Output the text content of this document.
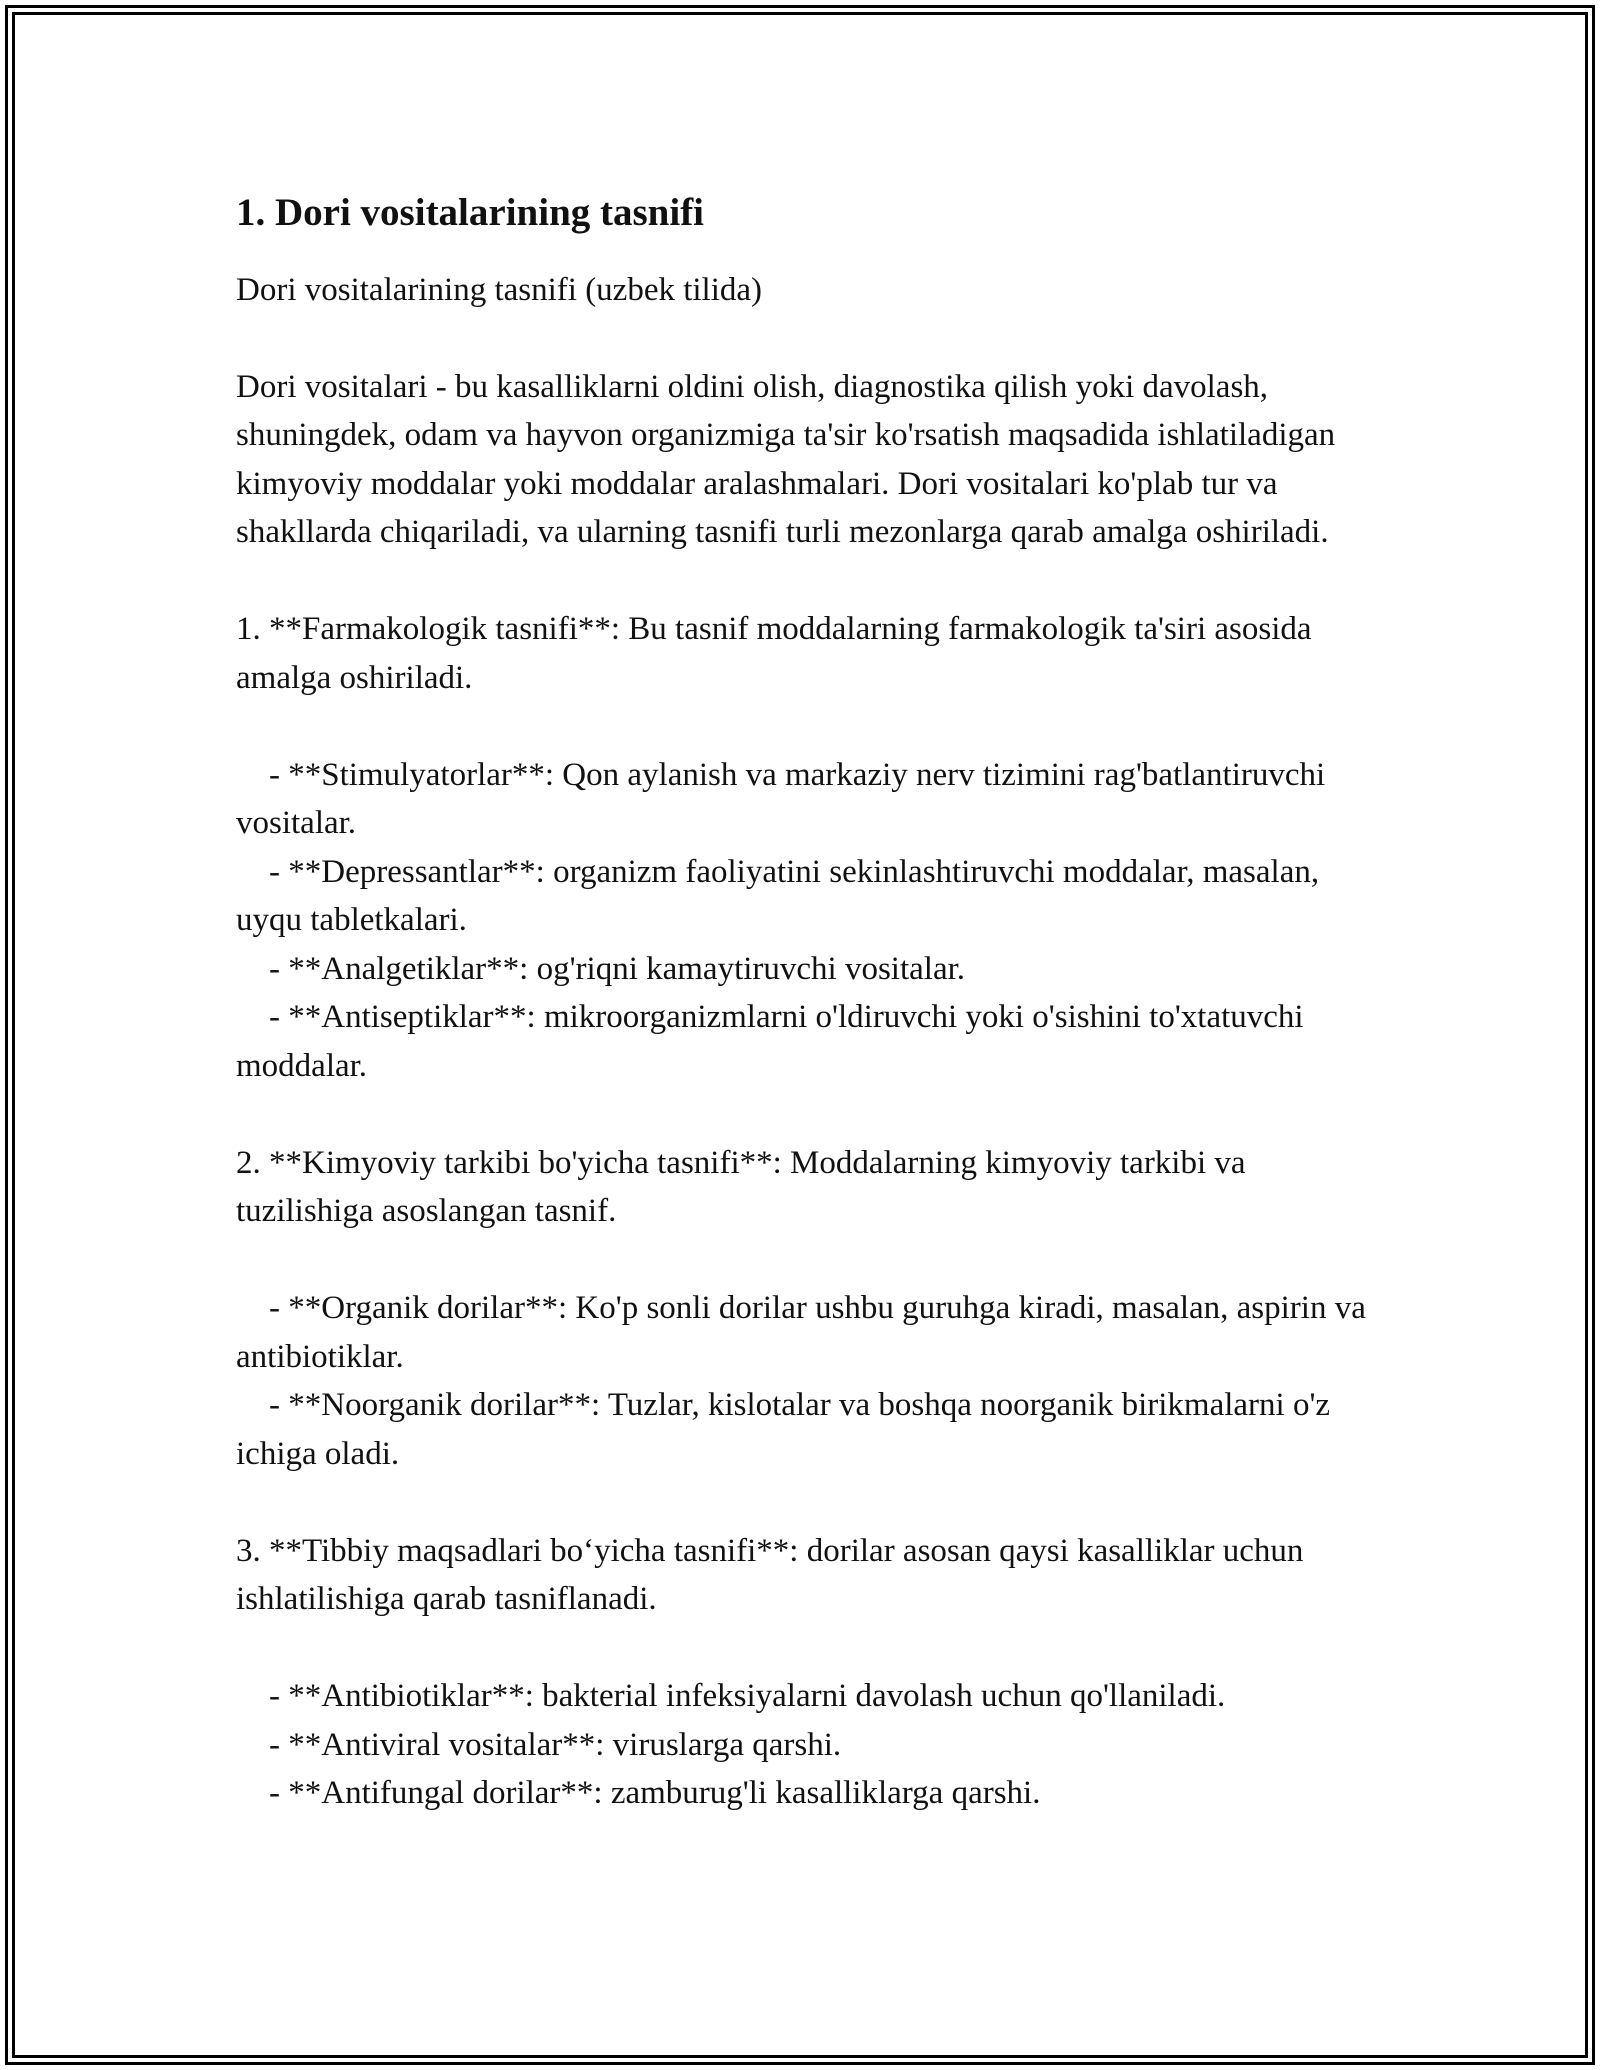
1. Dori vositalarining tasnifi

Dori vositalarining tasnifi (uzbek tilida)

Dori vositalari - bu kasalliklarni oldini olish, diagnostika qilish yoki davolash, shuningdek, odam va hayvon organizmiga ta'sir ko'rsatish maqsadida ishlatiladigan kimyoviy moddalar yoki moddalar aralashmalari. Dori vositalari ko'plab tur va shakllarda chiqariladi, va ularning tasnifi turli mezonlarga qarab amalga oshiriladi.

1. **Farmakologik tasnifi**: Bu tasnif moddalarning farmakologik ta'siri asosida amalga oshiriladi.

- **Stimulyatorlar**: Qon aylanish va markaziy nerv tizimini rag'batlantiruvchi vositalar.

- **Depressantlar**: organizm faoliyatini sekinlashtiruvchi moddalar, masalan, uyqu tabletkalari.

- **Analgetiklar**: og'riqni kamaytiruvchi vositalar.

- **Antiseptiklar**: mikroorganizmlarni o'ldiruvchi yoki o'sishini to'xtatuvchi moddalar.

2. **Kimyoviy tarkibi bo'yicha tasnifi**: Moddalarning kimyoviy tarkibi va tuzilishiga asoslangan tasnif.

- **Organik dorilar**: Ko'p sonli dorilar ushbu guruhga kiradi, masalan, aspirin va antibiotiklar.

- **Noorganik dorilar**: Tuzlar, kislotalar va boshqa noorganik birikmalarni o'z ichiga oladi.

3. **Tibbiy maqsadlari bo‘yicha tasnifi**: dorilar asosan qaysi kasalliklar uchun ishlatilishiga qarab tasniflanadi.

- **Antibiotiklar**: bakterial infeksiyalarni davolash uchun qo'llaniladi.

- **Antiviral vositalar**: viruslarga qarshi.

- **Antifungal dorilar**: zamburug'li kasalliklarga qarshi.
